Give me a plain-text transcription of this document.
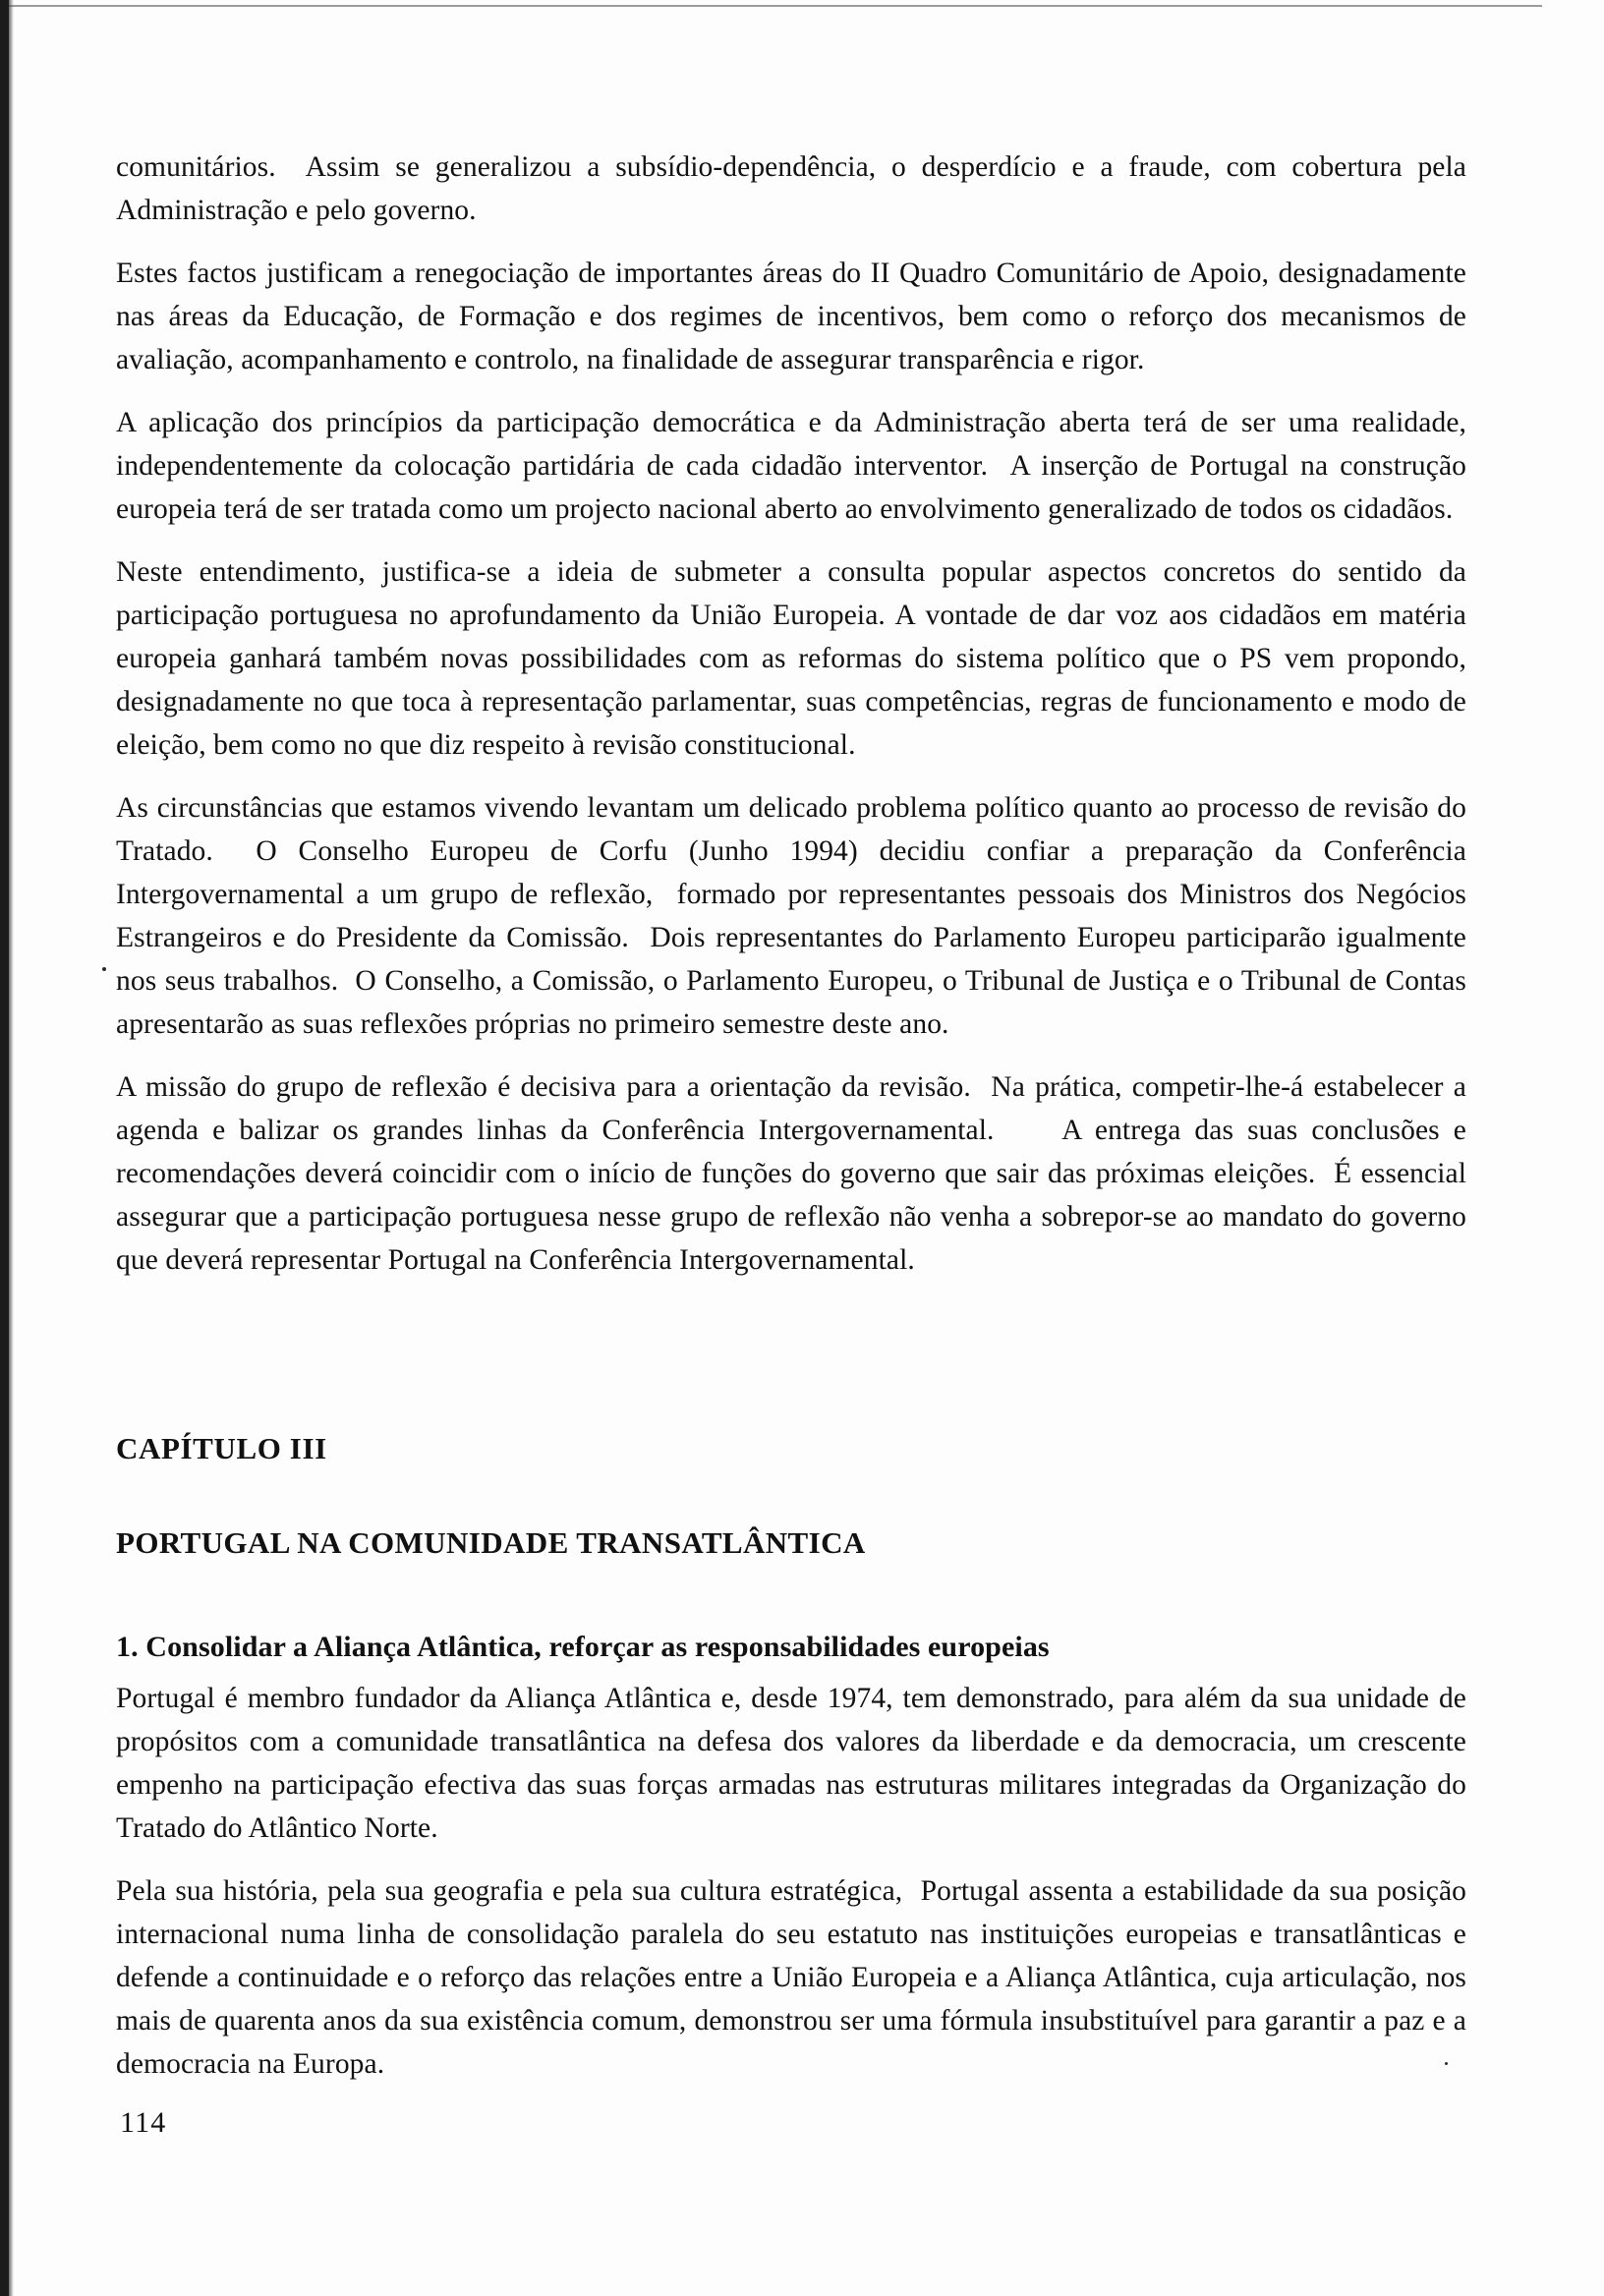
comunitários.  Assim se generalizou a subsídio-dependência, o desperdício e a fraude, com cobertura pela Administração e pelo governo.

Estes factos justificam a renegociação de importantes áreas do II Quadro Comunitário de Apoio, designadamente nas áreas da Educação, de Formação e dos regimes de incentivos, bem como o reforço dos mecanismos de avaliação, acompanhamento e controlo, na finalidade de assegurar transparência e rigor.

A aplicação dos princípios da participação democrática e da Administração aberta terá de ser uma realidade, independentemente da colocação partidária de cada cidadão interventor.  A inserção de Portugal na construção europeia terá de ser tratada como um projecto nacional aberto ao envolvimento generalizado de todos os cidadãos.

Neste entendimento, justifica-se a ideia de submeter a consulta popular aspectos concretos do sentido da participação portuguesa no aprofundamento da União Europeia. A vontade de dar voz aos cidadãos em matéria europeia ganhará também novas possibilidades com as reformas do sistema político que o PS vem propondo, designadamente no que toca à representação parlamentar, suas competências, regras de funcionamento e modo de eleição, bem como no que diz respeito à revisão constitucional.

As circunstâncias que estamos vivendo levantam um delicado problema político quanto ao processo de revisão do Tratado.  O Conselho Europeu de Corfu (Junho 1994) decidiu confiar a preparação da Conferência Intergovernamental a um grupo de reflexão,  formado por representantes pessoais dos Ministros dos Negócios Estrangeiros e do Presidente da Comissão.  Dois representantes do Parlamento Europeu participarão igualmente nos seus trabalhos.  O Conselho, a Comissão, o Parlamento Europeu, o Tribunal de Justiça e o Tribunal de Contas apresentarão as suas reflexões próprias no primeiro semestre deste ano.

A missão do grupo de reflexão é decisiva para a orientação da revisão.  Na prática, competir-lhe-á estabelecer a agenda e balizar os grandes linhas da Conferência Intergovernamental.     A entrega das suas conclusões e recomendações deverá coincidir com o início de funções do governo que sair das próximas eleições.  É essencial assegurar que a participação portuguesa nesse grupo de reflexão não venha a sobrepor-se ao mandato do governo que deverá representar Portugal na Conferência Intergovernamental.

CAPÍTULO III
PORTUGAL NA COMUNIDADE TRANSATLÂNTICA
1. Consolidar a Aliança Atlântica, reforçar as responsabilidades europeias

Portugal é membro fundador da Aliança Atlântica e, desde 1974, tem demonstrado, para além da sua unidade de propósitos com a comunidade transatlântica na defesa dos valores da liberdade e da democracia, um crescente empenho na participação efectiva das suas forças armadas nas estruturas militares integradas da Organização do Tratado do Atlântico Norte.

Pela sua história, pela sua geografia e pela sua cultura estratégica,  Portugal assenta a estabilidade da sua posição internacional numa linha de consolidação paralela do seu estatuto nas instituições europeias e transatlânticas e defende a continuidade e o reforço das relações entre a União Europeia e a Aliança Atlântica, cuja articulação, nos mais de quarenta anos da sua existência comum, demonstrou ser uma fórmula insubstituível para garantir a paz e a democracia na Europa.

114
